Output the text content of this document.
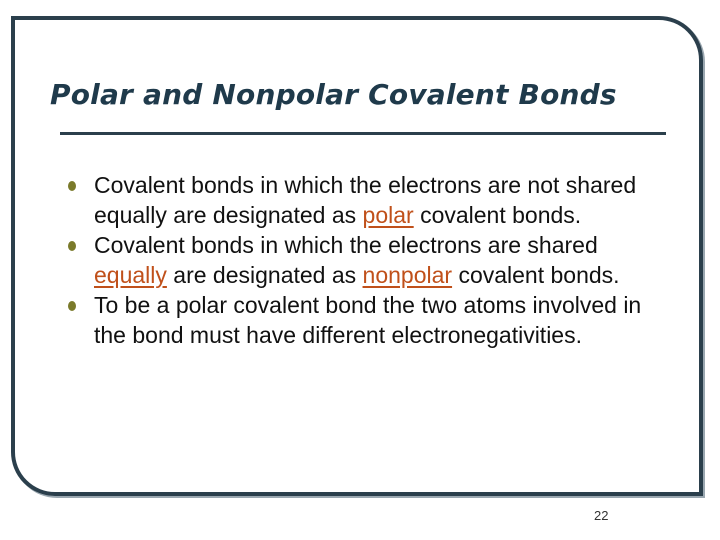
Polar and Nonpolar Covalent Bonds
Covalent bonds in which the electrons are not shared equally are designated as polar covalent bonds.
Covalent bonds in which the electrons are shared equally are designated as nonpolar covalent bonds.
To be a polar covalent bond the two atoms involved in the bond must have different electronegativities.
22
